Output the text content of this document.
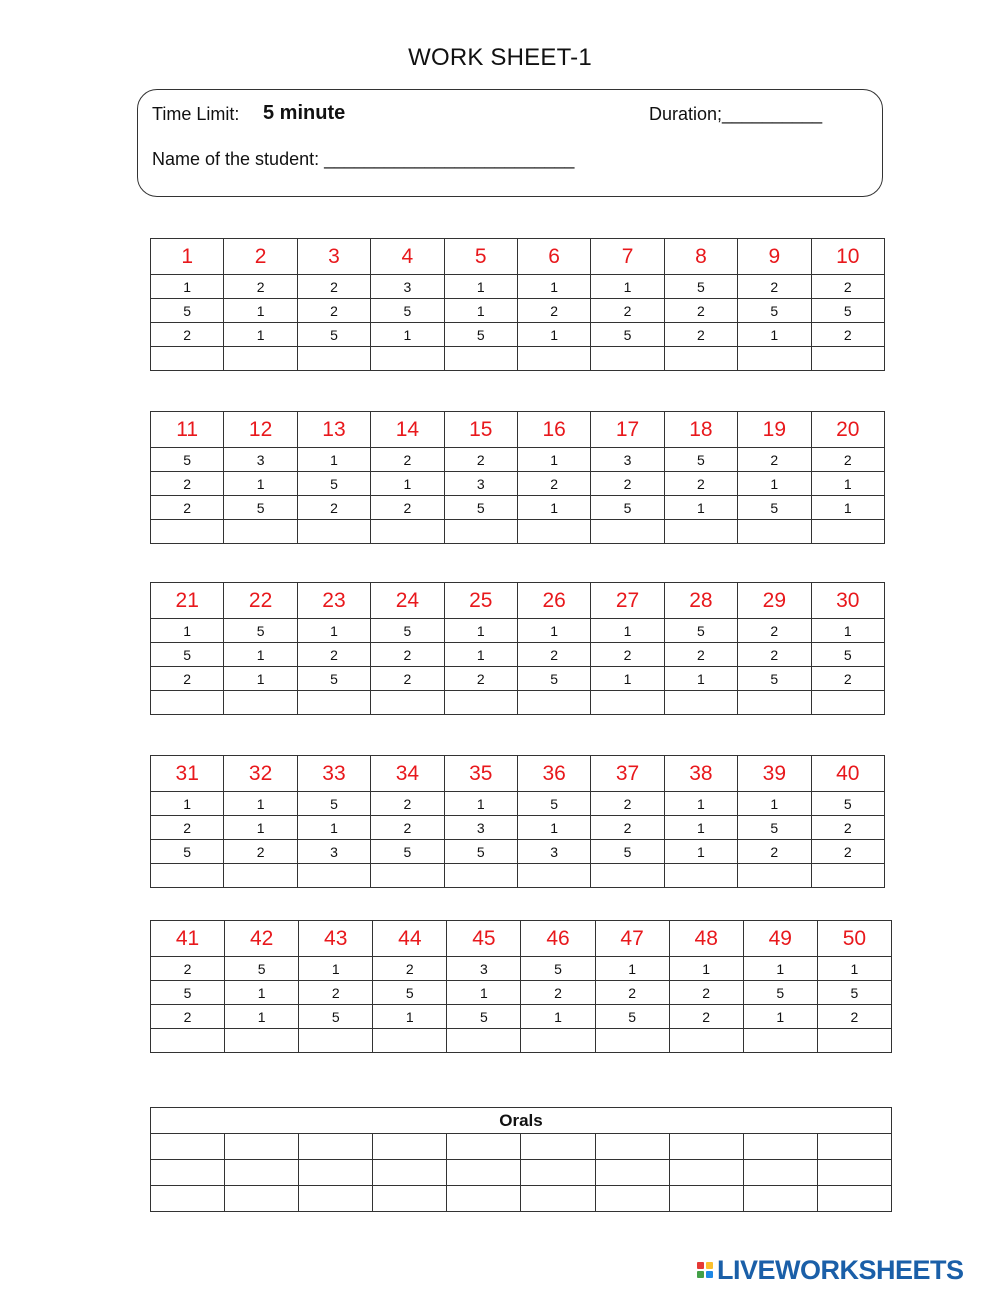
WORK SHEET-1
Time Limit: 5 minute	Duration;__________
Name of the student: _________________________
1	2	3	4	5	6	7	8	9	10
1	2	2	3	1	1	1	5	2	2
5	1	2	5	1	2	2	2	5	5
2	1	5	1	5	1	5	2	1	2

11	12	13	14	15	16	17	18	19	20
5	3	1	2	2	1	3	5	2	2
2	1	5	1	3	2	2	2	1	1
2	5	2	2	5	1	5	1	5	1

21	22	23	24	25	26	27	28	29	30
1	5	1	5	1	1	1	5	2	1
5	1	2	2	1	2	2	2	2	5
2	1	5	2	2	5	1	1	5	2

31	32	33	34	35	36	37	38	39	40
1	1	5	2	1	5	2	1	1	5
2	1	1	2	3	1	2	1	5	2
5	2	3	5	5	3	5	1	2	2

41	42	43	44	45	46	47	48	49	50
2	5	1	2	3	5	1	1	1	1
5	1	2	5	1	2	2	2	5	5
2	1	5	1	5	1	5	2	1	2

Orals									

LIVEWORKSHEETS
